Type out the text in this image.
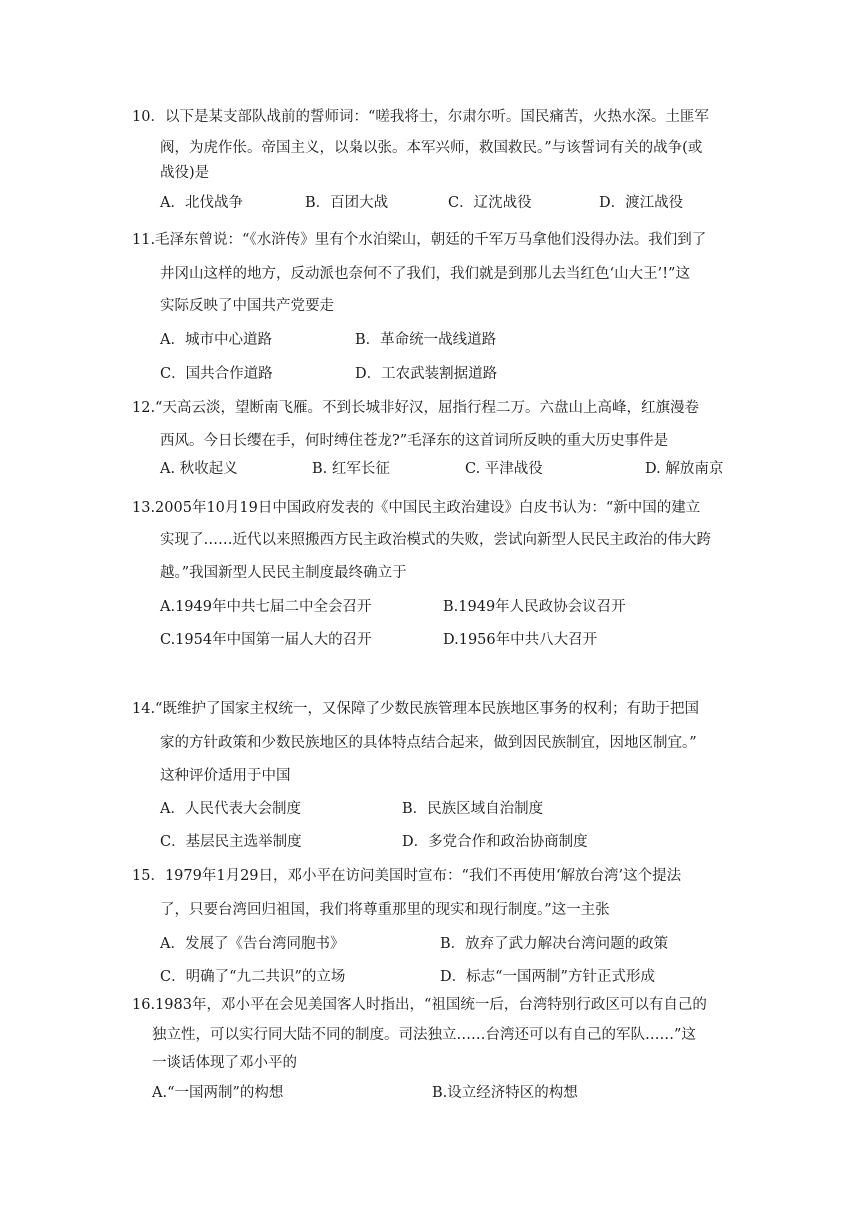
10．以下是某支部队战前的誓师词：“嗟我将士，尔肃尔听。国民痛苦，火热水深。土匪军
阀，为虎作伥。帝国主义，以枭以张。本军兴师，救国救民。”与该誓词有关的战争(或
战役)是
A．北伐战争	B．百团大战	C．辽沈战役	D．渡江战役
11.毛泽东曾说：“《水浒传》里有个水泊梁山，朝廷的千军万马拿他们没得办法。我们到了
井冈山这样的地方，反动派也奈何不了我们，我们就是到那儿去当红色‘山大王’!”这
实际反映了中国共产党要走
A．城市中心道路	B．革命统一战线道路
C．国共合作道路	D．工农武装割据道路
12.“天高云淡，望断南飞雁。不到长城非好汉，屈指行程二万。六盘山上高峰，红旗漫卷
西风。今日长缨在手，何时缚住苍龙?”毛泽东的这首词所反映的重大历史事件是
A. 秋收起义	B. 红军长征	C. 平津战役	D. 解放南京
13.2005年10月19日中国政府发表的《中国民主政治建设》白皮书认为：“新中国的建立
实现了……近代以来照搬西方民主政治模式的失败，尝试向新型人民民主政治的伟大跨
越。”我国新型人民民主制度最终确立于
A.1949年中共七届二中全会召开	B.1949年人民政协会议召开
C.1954年中国第一届人大的召开	D.1956年中共八大召开
14.“既维护了国家主权统一，又保障了少数民族管理本民族地区事务的权利；有助于把国
家的方针政策和少数民族地区的具体特点结合起来，做到因民族制宜，因地区制宜。”
这种评价适用于中国
A．人民代表大会制度	B．民族区域自治制度
C．基层民主选举制度	D．多党合作和政治协商制度
15．1979年1月29日，邓小平在访问美国时宣布：“我们不再使用‘解放台湾’这个提法
了，只要台湾回归祖国，我们将尊重那里的现实和现行制度。”这一主张
A．发展了《告台湾同胞书》	B．放弃了武力解决台湾问题的政策
C．明确了“九二共识”的立场	D．标志“一国两制”方针正式形成
16.1983年，邓小平在会见美国客人时指出，“祖国统一后，台湾特别行政区可以有自己的
独立性，可以实行同大陆不同的制度。司法独立……台湾还可以有自己的军队……”这
一谈话体现了邓小平的
A.“一国两制”的构想	B.设立经济特区的构想
